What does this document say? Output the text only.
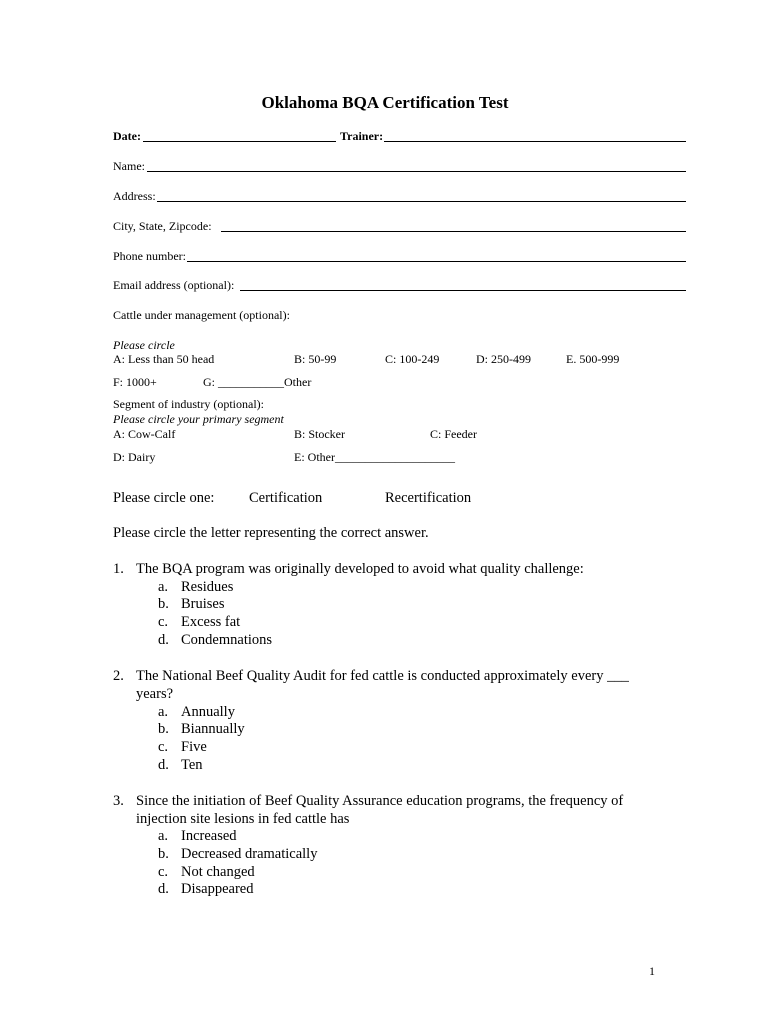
Oklahoma BQA Certification Test
Date:	Trainer:
Name:
Address:
City, State, Zipcode:
Phone number:
Email address (optional):
Cattle under management (optional):
Please circle
A: Less than 50 head	B: 50-99	C: 100-249	D: 250-499	E. 500-999
F: 1000+	G: ___________Other
Segment of industry (optional):
Please circle your primary segment
A: Cow-Calf	B: Stocker	C: Feeder
D: Dairy	E: Other____________________
Please circle one: Certification	Recertification
Please circle the letter representing the correct answer.
1. The BQA program was originally developed to avoid what quality challenge:
a. Residues
b. Bruises
c. Excess fat
d. Condemnations
2. The National Beef Quality Audit for fed cattle is conducted approximately every ___
years?
a. Annually
b. Biannually
c. Five
d. Ten
3. Since the initiation of Beef Quality Assurance education programs, the frequency of
injection site lesions in fed cattle has
a. Increased
b. Decreased dramatically
c. Not changed
d. Disappeared
1
